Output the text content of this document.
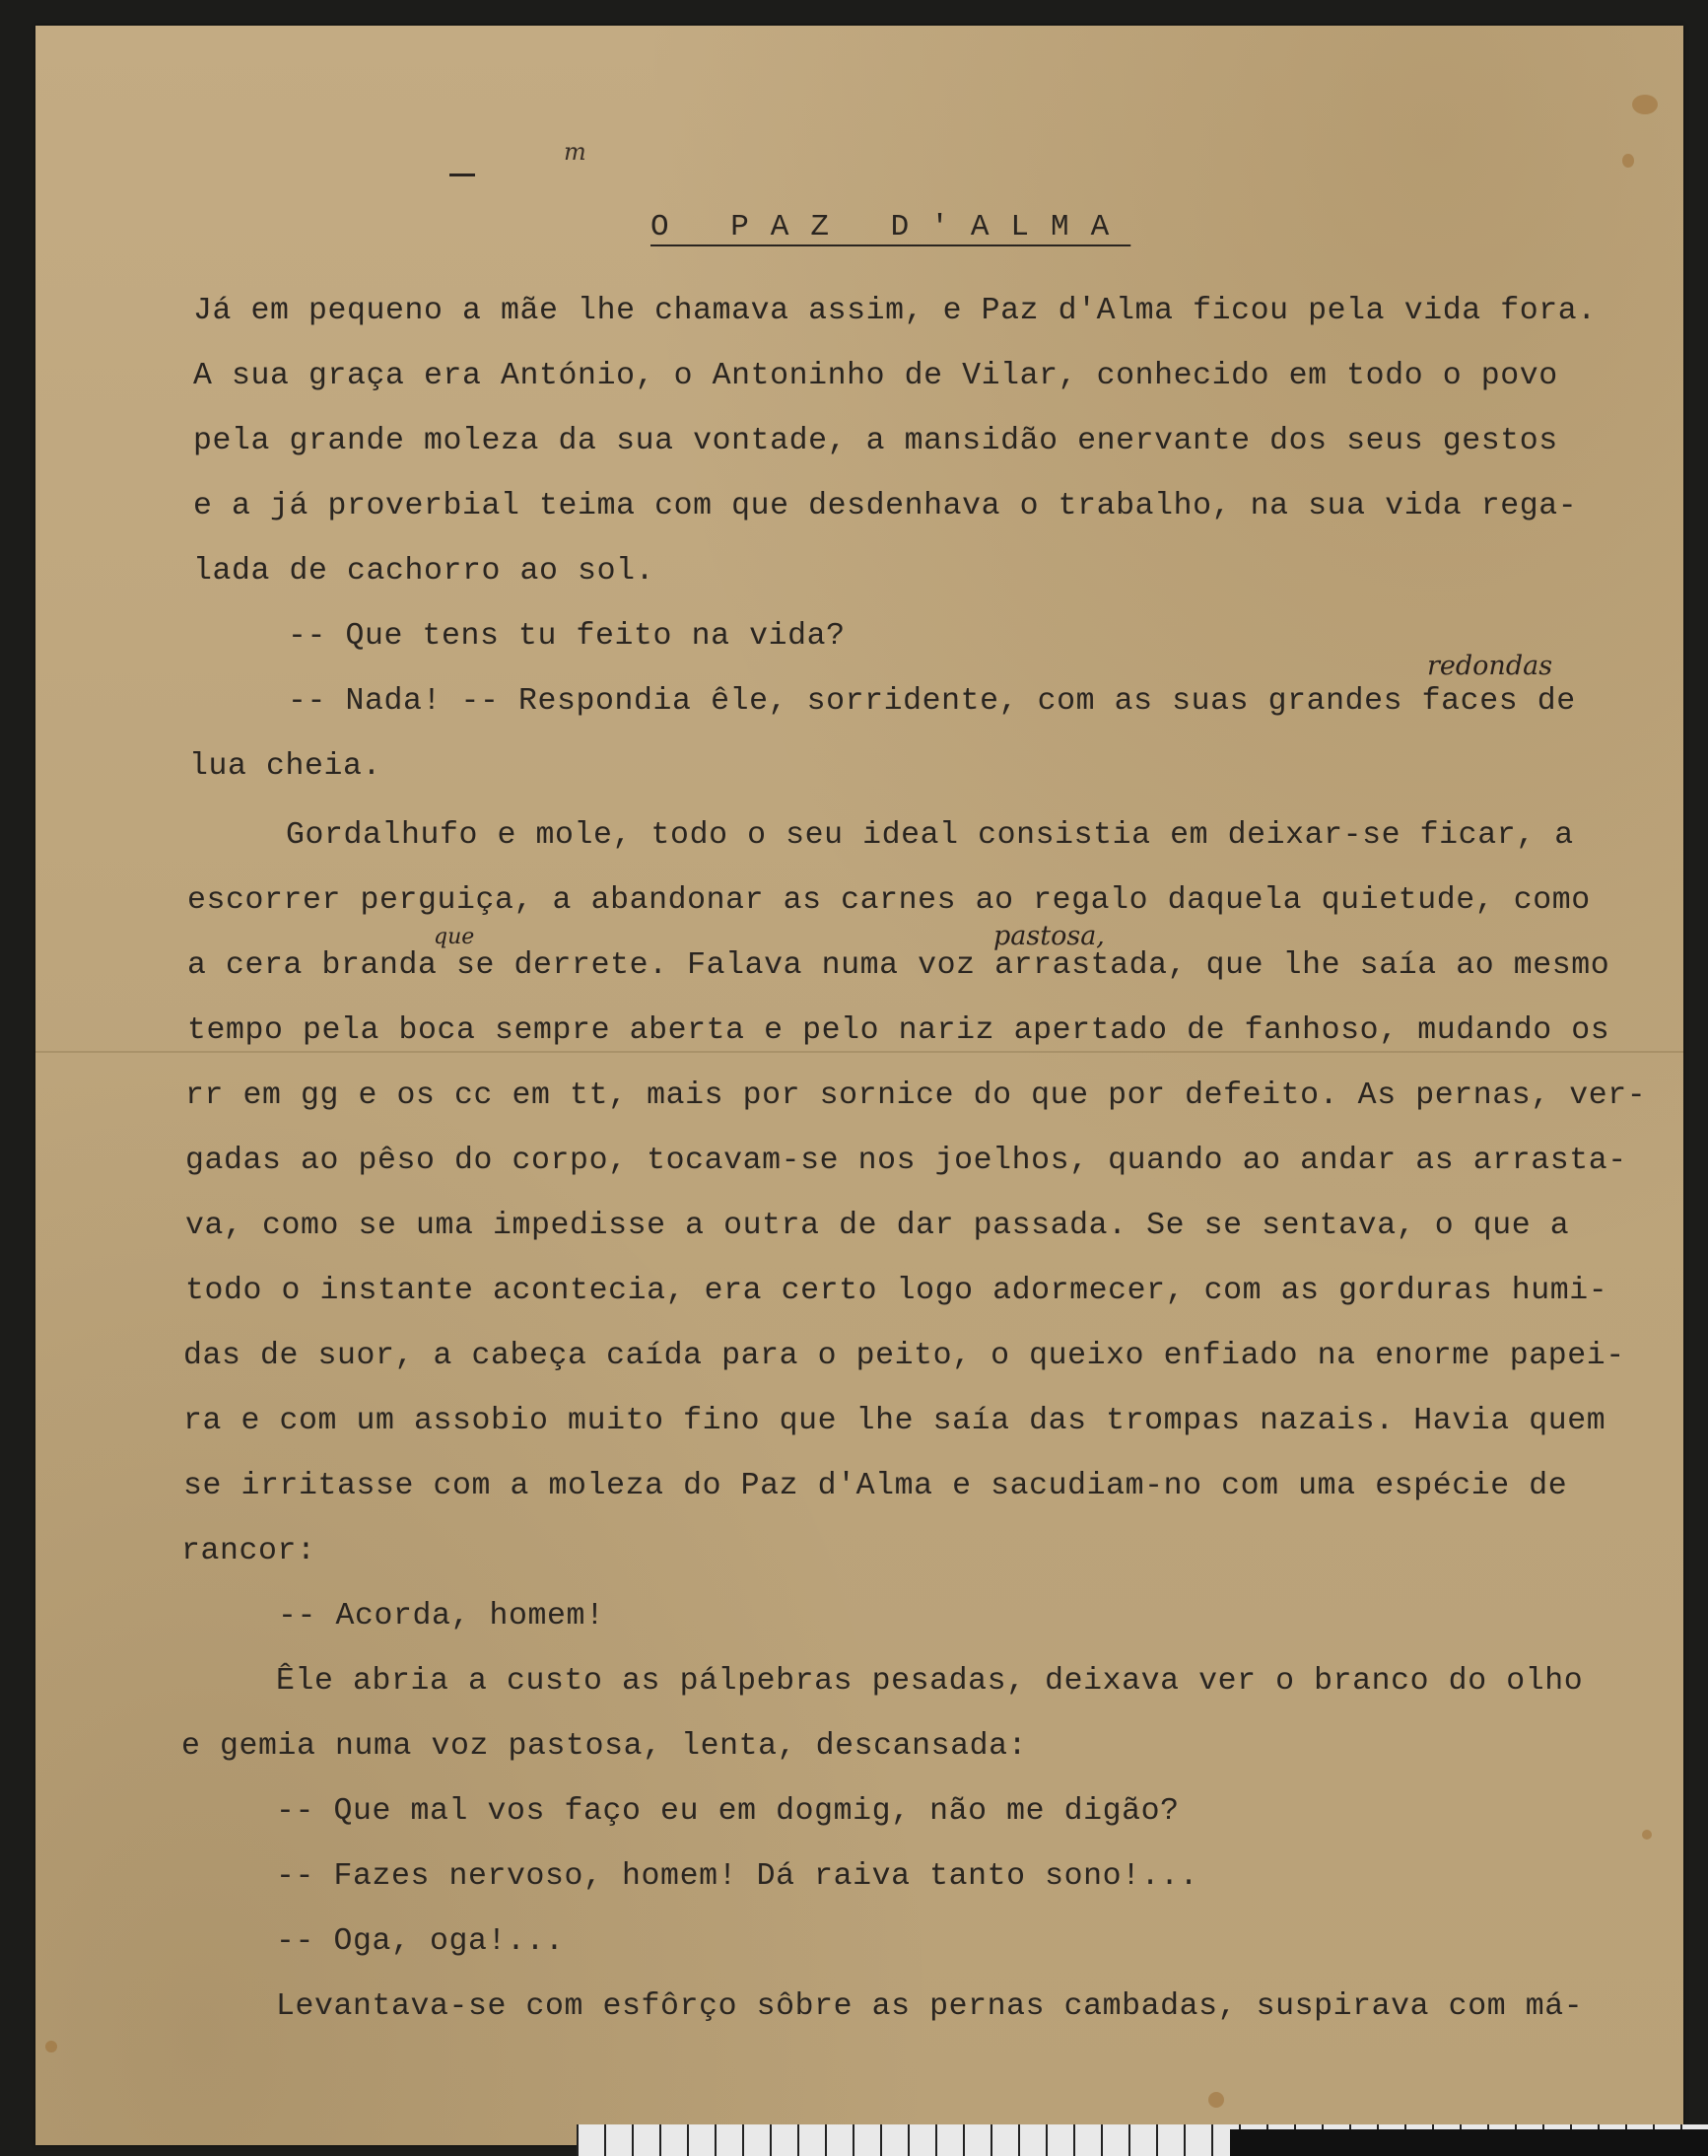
m
O PAZ D'ALMA
redondas
que	pastosa,
Já em pequeno a mãe lhe chamava assim, e Paz d'Alma ficou pela vida fora.
A sua graça era António, o Antoninho de Vilar, conhecido em todo o povo
pela grande moleza da sua vontade, a mansidão enervante dos seus gestos
e a já proverbial teima com que desdenhava o trabalho, na sua vida rega-
lada de cachorro ao sol.
-- Que tens tu feito na vida?
-- Nada! -- Respondia êle, sorridente, com as suas grandes faces de
lua cheia.
Gordalhufo e mole, todo o seu ideal consistia em deixar-se ficar, a
escorrer perguiça, a abandonar as carnes ao regalo daquela quietude, como
a cera branda se derrete. Falava numa voz arrastada, que lhe saía ao mesmo
tempo pela boca sempre aberta e pelo nariz apertado de fanhoso, mudando os
rr em gg e os cc em tt, mais por sornice do que por defeito. As pernas, ver-
gadas ao pêso do corpo, tocavam-se nos joelhos, quando ao andar as arrasta-
va, como se uma impedisse a outra de dar passada. Se se sentava, o que a
todo o instante acontecia, era certo logo adormecer, com as gorduras humi-
das de suor, a cabeça caída para o peito, o queixo enfiado na enorme papei-
ra e com um assobio muito fino que lhe saía das trompas nazais. Havia quem
se irritasse com a moleza do Paz d'Alma e sacudiam-no com uma espécie de
rancor:
-- Acorda, homem!
Êle abria a custo as pálpebras pesadas, deixava ver o branco do olho
e gemia numa voz pastosa, lenta, descansada:
-- Que mal vos faço eu em dogmig, não me digão?
-- Fazes nervoso, homem! Dá raiva tanto sono!...
-- Oga, oga!...
Levantava-se com esfôrço sôbre as pernas cambadas, suspirava com má-
